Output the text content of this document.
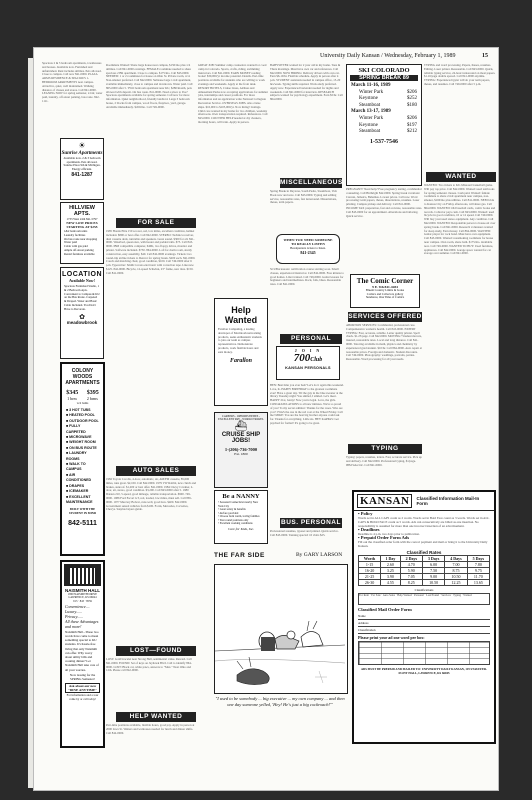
University Daily Kansan / Wednesday, February 1, 1989	15
Spacious 2 & 3 bedroom apartments, townhouses and houses. Available now. Furnished and unfurnished. Rent includes utilities. Pets allowed. Close to campus. Call now 841-0000. PLAZA ARMS RESIDENCE & SPACIOUS 1-BEDROOM APARTMENTS near campus. Attractive, quiet, well maintained. Walking distance of classes and stores. Call 841-0000. LEASING NOW for spring semester, 2-bdr, water paid, laundry, off-street parking, bus route. 842-1111.
☀
Sunrise Apartments
Available now. 2 & 3 bedroom apartments. Pets allowed. Sunrise Place 9th & Michigan. Energy efficient.
841-1287
HILLVIEW APTS.
1733 West 24th 841-5797
NEW LOW PRICES STARTING AT $255
1&2 bedroom units
Laundry facilities
On bus route near shopping
Water paid
Cable with gas paid
Ample off-street parking
Rental furniture available
LOCATION
Available Now!
Spacious Furnished Studio, 1 & 2 Bedroom Apts. Convenient to Campus & KU on the Bus Route. Carpeted & Draped. Water and Basic Cable Included. You Don't Have to Decorate.
✿
meadowbrook
COLONY WOODS APARTMENTS
$345 $395
1 brm	2 brms
w/2 baths
■ 3 HOT TUBS
■ HEATED POOL
■ OUTDOOR POOL
■ FULLY CARPETED
■ MICROWAVE
■ WEIGHT ROOM
■ ON BUS ROUTE
■ LAUNDRY ROOMS
■ WALK TO CAMPUS
■ AIR CONDITIONED
■ DRAPES
■ ICEMAKER
■ EXCELLENT MAINTENANCE
BUILT WITH THE STUDENT IN MIND
842-5111
NAISMITH HALL
1800 NAISMITH DRIVE LAWRENCE, KS 66044
913 · 843 · 8559
Convenience....
Luxury......
Privacy......
All these Advantages and more!
Naismith Hall...These two words have come to mean something special to KU students. It's hassle-free living that only Naismith can offer. Why worry about utility bills and cooking dinner? Let Naismith Hall take care of all your worries.
Now leasing for the SPRING Semester!
Ask about our new "DINE ANYTIME"
For information and a tour come by or call today!
Roommate Wanted: Share large house near campus, $150/mo plus 1/4 utilities. Call 841-0000 evenings. FEMALE roommate needed to share spacious 2 BR apartment. Close to campus. $175/mo. Call 843-0000. NEEDED: 1 or 2 roommates for house on Ohio St. Private room, w/d. Non-smoker preferred. Call 842-0000. Sublease large 1-bdr apartment, available immediately, close to campus and downtown. Water paid. Call 865-0000 after 5. TWO bedroom apartment near KU, $280/month, pets allowed with deposit. On bus route. 841-0000. Need a place to live? Spacious apartments available for spring semester. Call now for more information. Quiet neighborhood, friendly landlord. Large 3 bedroom house, 2 blocks from campus, wood floors, fireplace, yard, garage. Available immediately. $450/mo. Call 749-0000.
FOR SALE
1985 Honda Elite 150 scooter, red, low miles, excellent condition, helmet included. $800 or best offer. Call 842-0000. STEREO: Technics receiver, dual cassette deck, turntable and speakers. Great sound. $300 for all. 841-0000. Waterbed, queen size, with heater and padded rails. $75. Call 843-0000. IBM compatible computer, 640K, two floppy drives, monitor and printer. Software included. $750. 864-0000. Loft for dorm room, sturdy construction, easy assembly, $40. Call 842-0000 evenings. Tickets: two round-trip airline tickets to Denver for spring break. $200 each. 841-0000. Couch and matching chair, good condition, $100. Call 749-0000 after 6 p.m. Typewriter: Smith Corona electronic with correction tape. Like new. $125. 842-0000. Bicycle, 12-speed Schwinn, 23" frame, new tires. $150. Call 841-0000.
AUTO SALES
1982 Toyota Corolla, 4-door, automatic, air, AM/FM cassette, 85,000 miles, runs great. $2,100. Call 842-0000. 1979 VW Rabbit, new clutch and brakes, sunroof. $1,200 or best offer. 841-0000. 1984 Chevy Cavalier, 2-door, air, stereo, good condition. $3,200. Call 843-0000 after 5. 1980 Datsun 210, 5-speed, good mileage, reliable transportation. $900. 749-0000. 1986 Ford Escort GT, red, loaded, low miles, must sell. Call 865-0000. 1977 Mercury Bobcat, runs well, good tires. $400. 842-0000. Government seized vehicles from $100. Fords, Mercedes, Corvettes, Chevys. Surplus buyers guide.
LOST—FOUND
LOST: Gold bracelet near Strong Hall, sentimental value. Reward. Call 841-0000. FOUND: Set of keys on Jayhawk Blvd. Call to identify 864-0000. LOST: Black cat, white paws, answers to "Max." Near Ohio and 12th. Please call 842-0000.
HELP WANTED
Part-time positions available, flexible hours, good pay. Apply in person at 2000 Iowa St. Waiters and waitresses needed for lunch and dinner shifts. Call 842-0000.
GREAT JOB: Summer camp counselors wanted for coed camp in Colorado. Sports, crafts, riding, swimming instructors. Call 841-0000. EARN MONEY reading books! $30,000/yr income potential. Details. Part-time positions available for students who are willing to work evenings and weekends. Apply at the front desk. RESORT HOTELS, Cruise Lines, Airlines and Amusement Parks now accepting applications for summer jobs, internships and career positions. For more information and an application write National Collegiate Recreation Service. OVERSEAS JOBS. Also cruise ships. $10,000 to $105,000/yr. Now hiring! Listings. Child care wanted in my home for two children, weekday afternoons. Own transportation required. References. Call 843-0000. COUNTER HELP needed at dry cleaners, morning hours, will train. Apply in person.
Help Wanted
Farallon Computing, a leading developer of Macintosh networking products, seeks enthusiastic students to join our team as campus representatives. Demonstrate products, work flexible hours and earn money.
Farallon
CAREERS - OPPORTUNITIES - EXCELLENT PAY - WORLD TRAVEL
⛴
CRUISE SHIP JOBS!
1-(206)-736-7000
Ext. 1800
Be a NANNY
• Seasonal Connecticut nearby New York City
• Great salary & benefits
• Airfare provided
• Choose from warm, loving families
• Year round positions only
• Excellent working conditions
Care for Kids, Inc.
BABYSITTER wanted for 2 year old in my home. Tues & Thurs mornings. Must have own car and references. Call 842-0000. NOW HIRING: Delivery drivers with own car. Earn $6-10/hr. Flexible schedule. Apply in person after 4 p.m. STUDENT assistants needed in campus office, 15-20 hrs/week. Typing skills required. Work-study preferred. Apply now. Experienced bartender needed for nights and weekends. Call 841-0000 for interview. RESEARCH subjects wanted for psychology experiment. Earn $5/hr. Call 864-0000.
MISCELLANEOUS
Spring Break in Daytona, South Padre, Steamboat, Vail. Book now and save. Call 843-0000. Typing and editing service, reasonable rates, fast turnaround. Dissertations, theses, term papers.
WHEN YOU NEED SOMEONE TO REALLY LISTEN
Headquarters is here to listen.
841-2345
SCUBA lessons: certification course starting soon. Small classes, experienced instructor. Call 842-0000. Free kittens to good homes. Litter trained. Call 749-0000. Guitar lessons for beginners and intermediates. Rock, folk, blues. Reasonable rates. Call 841-0000.
PERSONAL
J O I N
700Club
KANSAN PERSONALS
BEN: Best time you ever had? Let's do it again this weekend. Love, K. HAPPY BIRTHDAY to the greatest roommate ever! Have a great day. TO the guy in the blue sweater at the library Tuesday night: You smiled, I smiled. Let's meet. HAPPY 21st, Jenny! Now you're legal. Love, the girls. CONGRATULATIONS to all new initiates. We're so proud of you! To my secret admirer: Thanks for the roses. Who are you? I WAS the one in the red coat at the Wheel Friday. Call me! MIKE: You are the best big brother anyone could ask for. Thanks for everything. Little sis. HEY KAPPAS: Get psyched for formal! It's going to be great.
BUS. PERSONAL
Professional resumes, typeset and printed. Quick service. Call 843-0000. Tanning special: 10 visits $25.
SKI COLORADO
SPRING BREAK 89
March 11-16, 1989
Winter Park	$206
Keystone	$252
Steamboat	$180
March 13-17, 1989
Winter Park	$206
Keystone	$197
Steamboat	$212
1-537-7546
PREGNANT? Need help? Free pregnancy testing, confidential counseling. Call Birthright 842-0000. Spring break vacations: Cancun, Jamaica, Bahamas. Lowest prices. Call now. Word processing: term papers, theses, dissertations, resumes. Laser printing. Campus pickup and delivery. Call 841-0000. INCOME TAX preparation, fast and accurate, reasonable rates. Call 843-0000 for an appointment. Alterations and tailoring. Quick service.
The Comic Corner
9 E. 9th 841-4284
Bluem Country Limits & books
Comics and Collectors gallery
Sundance, One Time of Comics
SERVICES OFFERED
ABORTION SERVICES: Confidential, professional care. Comprehensive women's health. Call 843-0000. EXPERT TYPING: Fast, accurate, reliable. Letter quality printer. Spell check. $1.25/page. Call 842-0000. MOVING? Student movers, insured, reasonable rates. Local and long distance. Call 841-0000. Tutoring available in math, physics and chemistry by experienced grad student. $10/hr. Call 864-0000. Auto repair at reasonable prices. Foreign and domestic. Student discounts. Call 749-0000. Photography: weddings, portraits, parties. Reasonable. Word processing for all your needs.
TYPING
Typing: papers, resumes, letters. Fast, accurate service. Pick up and delivery. Call 842-0000. Professional typing, $1/page. IBM Selectric. Call 841-0000.
TYPING and word processing. Papers, theses, resumes. Editing. Laser printer. Reasonable. Call 843-0000. Quick, reliable typing service, 24-hour turnaround on most papers. $1.10/page double spaced. Call 841-0000 anytime. TYPING: Experienced typist will do your term papers, theses, and resumes. Call 749-0000 after 5 p.m.
WANTED
WANTED: Two tickets to KU-Missouri basketball game. Will pay top price. Call 842-0000. Wanted: used textbooks for spring semester classes. Cash paid. Wanted: female roommate to share 2-bdr apartment near campus, non-smoker, $160/mo plus utilities. Call 841-0000. NEED ride to Kansas City on Friday afternoons, will share gas. Call 864-0000. WANTED: Old baseball cards, comic books and records. Collector pays cash. Call 843-0000. Wanted: used bicycle in good condition, 10 or 12 speed. Call 749-0000. Will buy your used stereo equipment. Any condition. Call 842-0000. WANTED: Responsible person to house-sit over spring break. Call 841-0000. Research volunteers wanted for sleep study. Earn money. Call 864-0000. WANTED: Guitar player for rock band. Must have own equipment. Call 843-0000. Wanted: nonsmoking roommate for house near campus. Own room, share bath. $175/mo. Available now. Call 749-0000. WANTED TO BUY: Used furniture, appliances. Call 842-0000. Garage space wanted for car storage over summer. Call 841-0000.
THE FAR SIDE	By GARY LARSON
"I used to be somebody ... big executive ... my own company ... and then one day someone yelled, 'Hey! He's just a big cockroach!'"
KANSAN	Classified Information Mail-In Form
• Policy
Words set in ALL CAPS count as 2 words. Words set in Bold Face count as 3 words. Words set in ALL CAPS & BOLD FACE count as 5 words. Ads run consecutively are billed as one insertion. No responsibility is assumed for more than one incorrect insertion of an advertisement.
• Deadlines
Deadline is 4 p.m. two days prior to publication.
• Prepaid Order Form Ads
Fill out the classified order form with the correct payment and mail or bring it to the University Daily Kansan.
Classified Rates
Words	1 Day	2 Days	3 Days	4 Days	5 Days
1-15	2.60	4.70	6.00	7.00	7.80
16-20	3.25	5.90	7.50	8.75	9.75
21-25	3.90	7.05	9.00	10.50	11.70
26-30	4.55	8.25	10.50	12.25	13.65
Classifications
For Rent · For Sale · Auto Sales · Help Wanted · Personal · Lost/Found · Services · Typing · Wanted
Classified Mail Order Form
Name
Address
Classification
Please print your ad one word per box:
ADS MUST BE PREPAID AND MAILED TO: UNIVERSITY DAILY KANSAN, 119 STAUFFER-FLINT HALL, LAWRENCE, KS 66045
